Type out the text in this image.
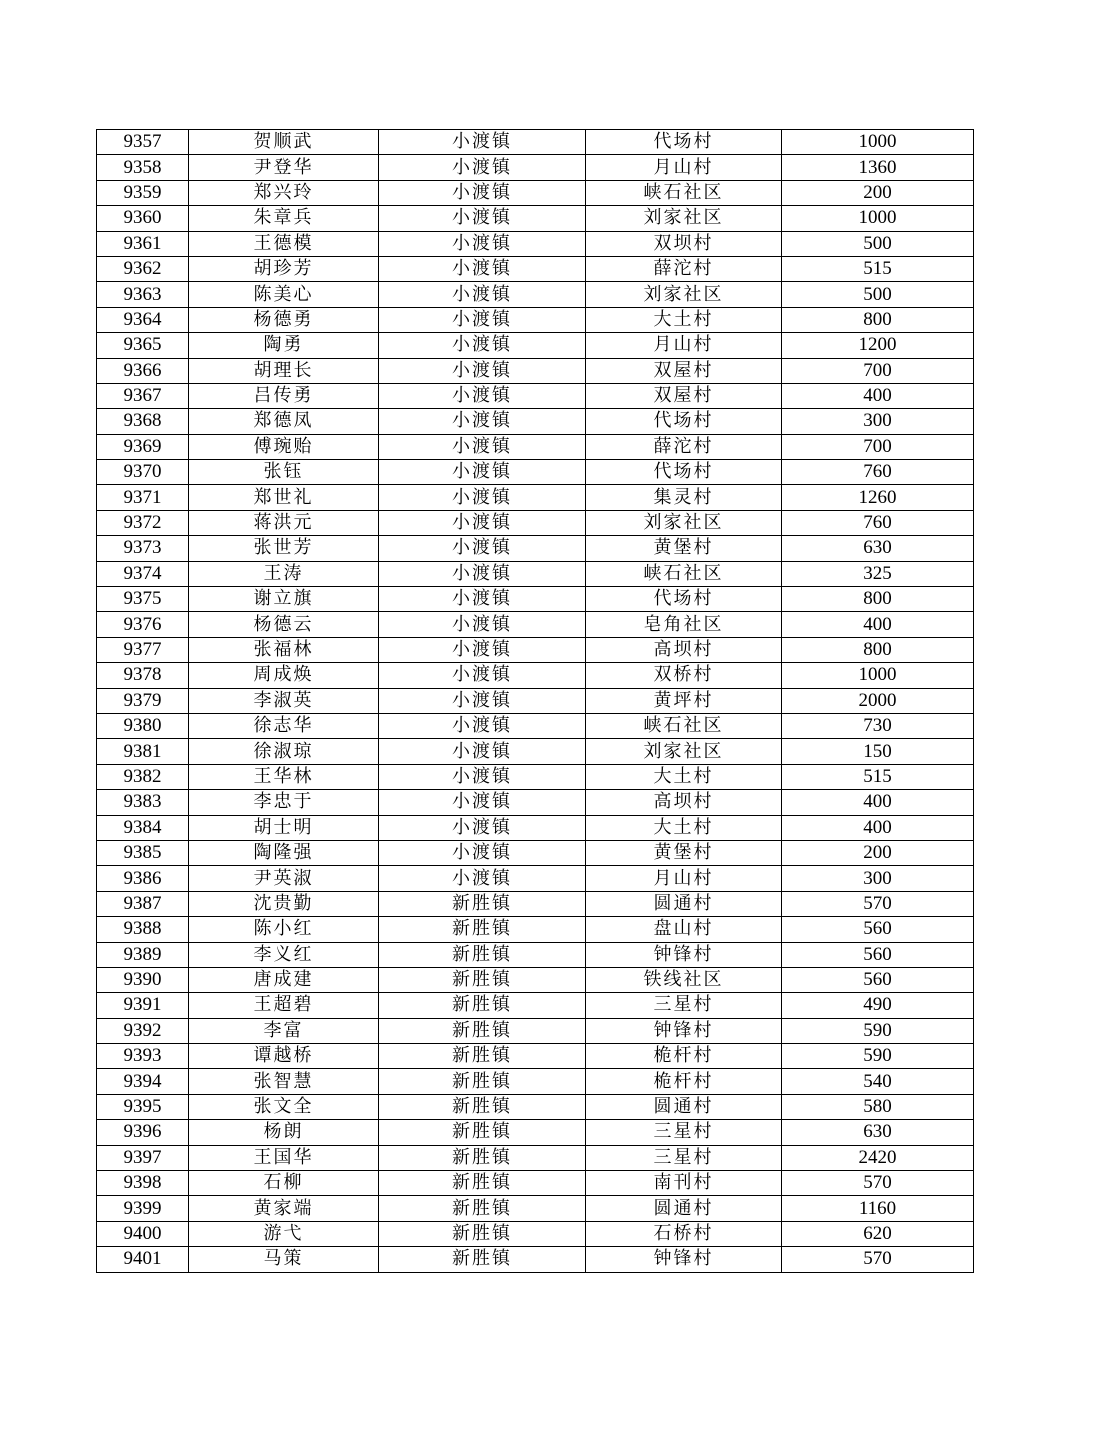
9357	贺顺武	小渡镇	代场村	1000
9358	尹登华	小渡镇	月山村	1360
9359	郑兴玲	小渡镇	峡石社区	200
9360	朱章兵	小渡镇	刘家社区	1000
9361	王德模	小渡镇	双坝村	500
9362	胡珍芳	小渡镇	薛沱村	515
9363	陈美心	小渡镇	刘家社区	500
9364	杨德勇	小渡镇	大土村	800
9365	陶勇	小渡镇	月山村	1200
9366	胡理长	小渡镇	双屋村	700
9367	吕传勇	小渡镇	双屋村	400
9368	郑德凤	小渡镇	代场村	300
9369	傅琬贻	小渡镇	薛沱村	700
9370	张钰	小渡镇	代场村	760
9371	郑世礼	小渡镇	集灵村	1260
9372	蒋洪元	小渡镇	刘家社区	760
9373	张世芳	小渡镇	黄堡村	630
9374	王涛	小渡镇	峡石社区	325
9375	谢立旗	小渡镇	代场村	800
9376	杨德云	小渡镇	皂角社区	400
9377	张福林	小渡镇	高坝村	800
9378	周成焕	小渡镇	双桥村	1000
9379	李淑英	小渡镇	黄坪村	2000
9380	徐志华	小渡镇	峡石社区	730
9381	徐淑琼	小渡镇	刘家社区	150
9382	王华林	小渡镇	大土村	515
9383	李忠于	小渡镇	高坝村	400
9384	胡士明	小渡镇	大土村	400
9385	陶隆强	小渡镇	黄堡村	200
9386	尹英淑	小渡镇	月山村	300
9387	沈贵勤	新胜镇	圆通村	570
9388	陈小红	新胜镇	盘山村	560
9389	李义红	新胜镇	钟锋村	560
9390	唐成建	新胜镇	铁线社区	560
9391	王超碧	新胜镇	三星村	490
9392	李富	新胜镇	钟锋村	590
9393	谭越桥	新胜镇	桅杆村	590
9394	张智慧	新胜镇	桅杆村	540
9395	张文全	新胜镇	圆通村	580
9396	杨朗	新胜镇	三星村	630
9397	王国华	新胜镇	三星村	2420
9398	石柳	新胜镇	南刊村	570
9399	黄家端	新胜镇	圆通村	1160
9400	游弋	新胜镇	石桥村	620
9401	马策	新胜镇	钟锋村	570
